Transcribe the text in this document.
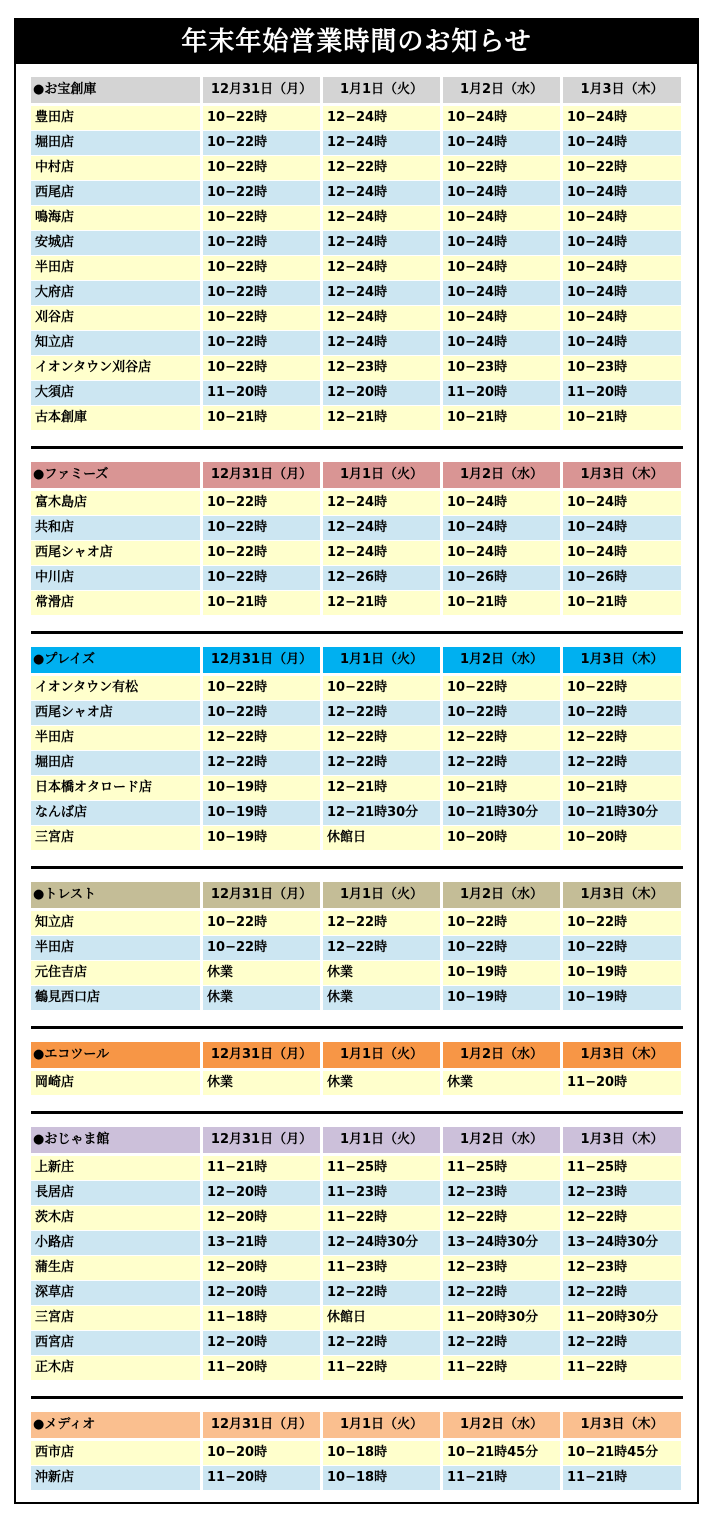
年末年始営業時間のお知らせ
●お宝創庫	12月31日（月）	1月1日（火）	1月2日（水）	1月3日（木）
豊田店	10−22時	12−24時	10−24時	10−24時
堀田店	10−22時	12−24時	10−24時	10−24時
中村店	10−22時	12−22時	10−22時	10−22時
西尾店	10−22時	12−24時	10−24時	10−24時
鳴海店	10−22時	12−24時	10−24時	10−24時
安城店	10−22時	12−24時	10−24時	10−24時
半田店	10−22時	12−24時	10−24時	10−24時
大府店	10−22時	12−24時	10−24時	10−24時
刈谷店	10−22時	12−24時	10−24時	10−24時
知立店	10−22時	12−24時	10−24時	10−24時
イオンタウン刈谷店	10−22時	12−23時	10−23時	10−23時
大須店	11−20時	12−20時	11−20時	11−20時
古本創庫	10−21時	12−21時	10−21時	10−21時
●ファミーズ	12月31日（月）	1月1日（火）	1月2日（水）	1月3日（木）
富木島店	10−22時	12−24時	10−24時	10−24時
共和店	10−22時	12−24時	10−24時	10−24時
西尾シャオ店	10−22時	12−24時	10−24時	10−24時
中川店	10−22時	12−26時	10−26時	10−26時
常滑店	10−21時	12−21時	10−21時	10−21時
●プレイズ	12月31日（月）	1月1日（火）	1月2日（水）	1月3日（木）
イオンタウン有松	10−22時	10−22時	10−22時	10−22時
西尾シャオ店	10−22時	12−22時	10−22時	10−22時
半田店	12−22時	12−22時	12−22時	12−22時
堀田店	12−22時	12−22時	12−22時	12−22時
日本橋オタロード店	10−19時	12−21時	10−21時	10−21時
なんば店	10−19時	12−21時30分	10−21時30分	10−21時30分
三宮店	10−19時	休館日	10−20時	10−20時
●トレスト	12月31日（月）	1月1日（火）	1月2日（水）	1月3日（木）
知立店	10−22時	12−22時	10−22時	10−22時
半田店	10−22時	12−22時	10−22時	10−22時
元住吉店	休業	休業	10−19時	10−19時
鶴見西口店	休業	休業	10−19時	10−19時
●エコツール	12月31日（月）	1月1日（火）	1月2日（水）	1月3日（木）
岡崎店	休業	休業	休業	11−20時
●おじゃま館	12月31日（月）	1月1日（火）	1月2日（水）	1月3日（木）
上新庄	11−21時	11−25時	11−25時	11−25時
長居店	12−20時	11−23時	12−23時	12−23時
茨木店	12−20時	11−22時	12−22時	12−22時
小路店	13−21時	12−24時30分	13−24時30分	13−24時30分
蒲生店	12−20時	11−23時	12−23時	12−23時
深草店	12−20時	12−22時	12−22時	12−22時
三宮店	11−18時	休館日	11−20時30分	11−20時30分
西宮店	12−20時	12−22時	12−22時	12−22時
正木店	11−20時	11−22時	11−22時	11−22時
●メディオ	12月31日（月）	1月1日（火）	1月2日（水）	1月3日（木）
西市店	10−20時	10−18時	10−21時45分	10−21時45分
沖新店	11−20時	10−18時	11−21時	11−21時
